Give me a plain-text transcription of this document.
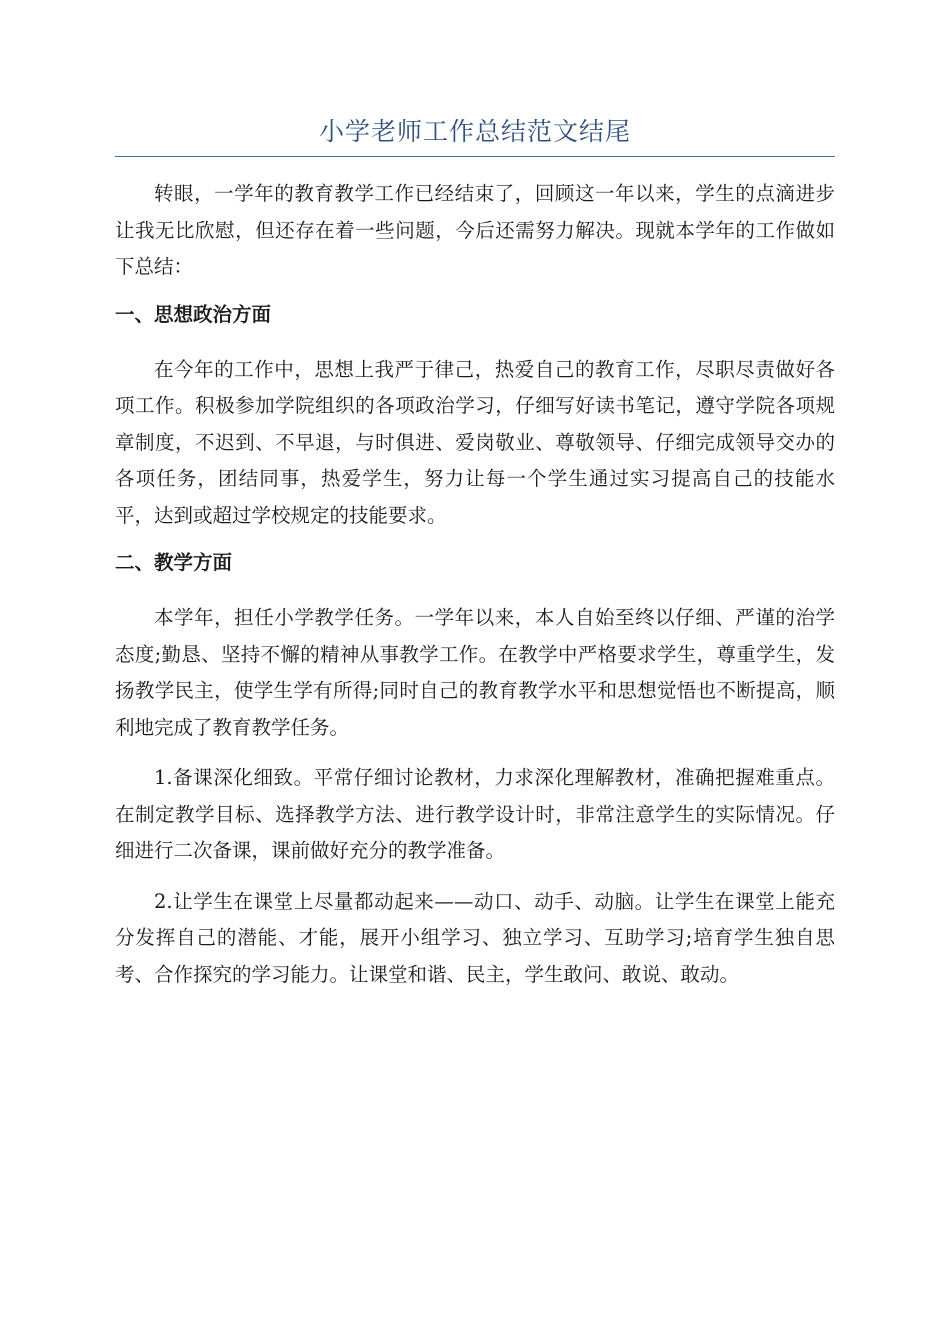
小学老师工作总结范文结尾

转眼，一学年的教育教学工作已经结束了，回顾这一年以来，学生的点滴进步让我无比欣慰，但还存在着一些问题，今后还需努力解决。现就本学年的工作做如下总结：

一、思想政治方面

在今年的工作中，思想上我严于律己，热爱自己的教育工作，尽职尽责做好各项工作。积极参加学院组织的各项政治学习，仔细写好读书笔记，遵守学院各项规章制度，不迟到、不早退，与时俱进、爱岗敬业、尊敬领导、仔细完成领导交办的各项任务，团结同事，热爱学生，努力让每一个学生通过实习提高自己的技能水平，达到或超过学校规定的技能要求。

二、教学方面

本学年，担任小学教学任务。一学年以来，本人自始至终以仔细、严谨的治学态度;勤恳、坚持不懈的精神从事教学工作。在教学中严格要求学生，尊重学生，发扬教学民主，使学生学有所得;同时自己的教育教学水平和思想觉悟也不断提高，顺利地完成了教育教学任务。

1.备课深化细致。平常仔细讨论教材，力求深化理解教材，准确把握难重点。在制定教学目标、选择教学方法、进行教学设计时，非常注意学生的实际情况。仔细进行二次备课，课前做好充分的教学准备。

2.让学生在课堂上尽量都动起来——动口、动手、动脑。让学生在课堂上能充分发挥自己的潜能、才能，展开小组学习、独立学习、互助学习;培育学生独自思考、合作探究的学习能力。让课堂和谐、民主，学生敢问、敢说、敢动。
